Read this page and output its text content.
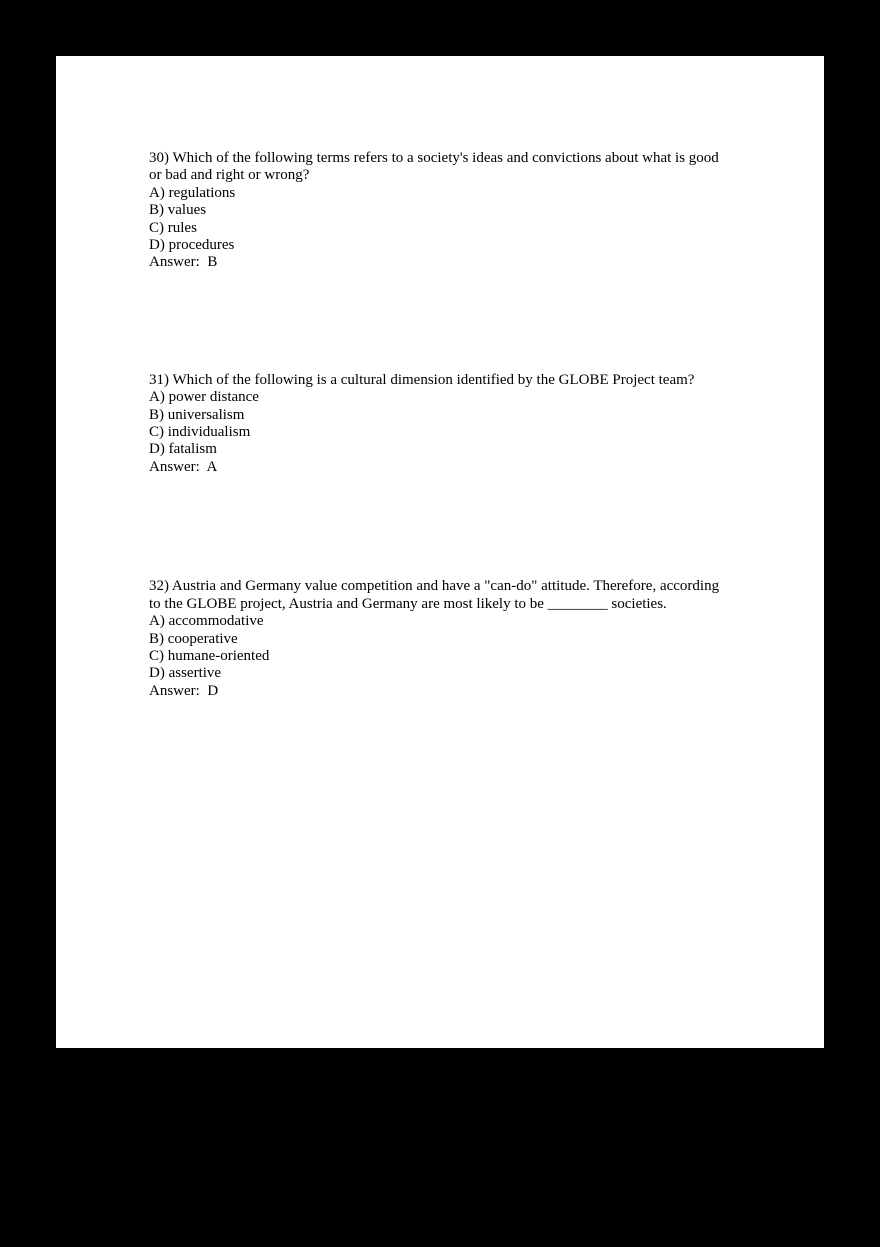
30) Which of the following terms refers to a society's ideas and convictions about what is good
or bad and right or wrong?
A) regulations
B) values
C) rules
D) procedures
Answer:  B
31) Which of the following is a cultural dimension identified by the GLOBE Project team?
A) power distance
B) universalism
C) individualism
D) fatalism
Answer:  A
32) Austria and Germany value competition and have a "can-do" attitude. Therefore, according
to the GLOBE project, Austria and Germany are most likely to be ________ societies.
A) accommodative
B) cooperative
C) humane-oriented
D) assertive
Answer:  D
